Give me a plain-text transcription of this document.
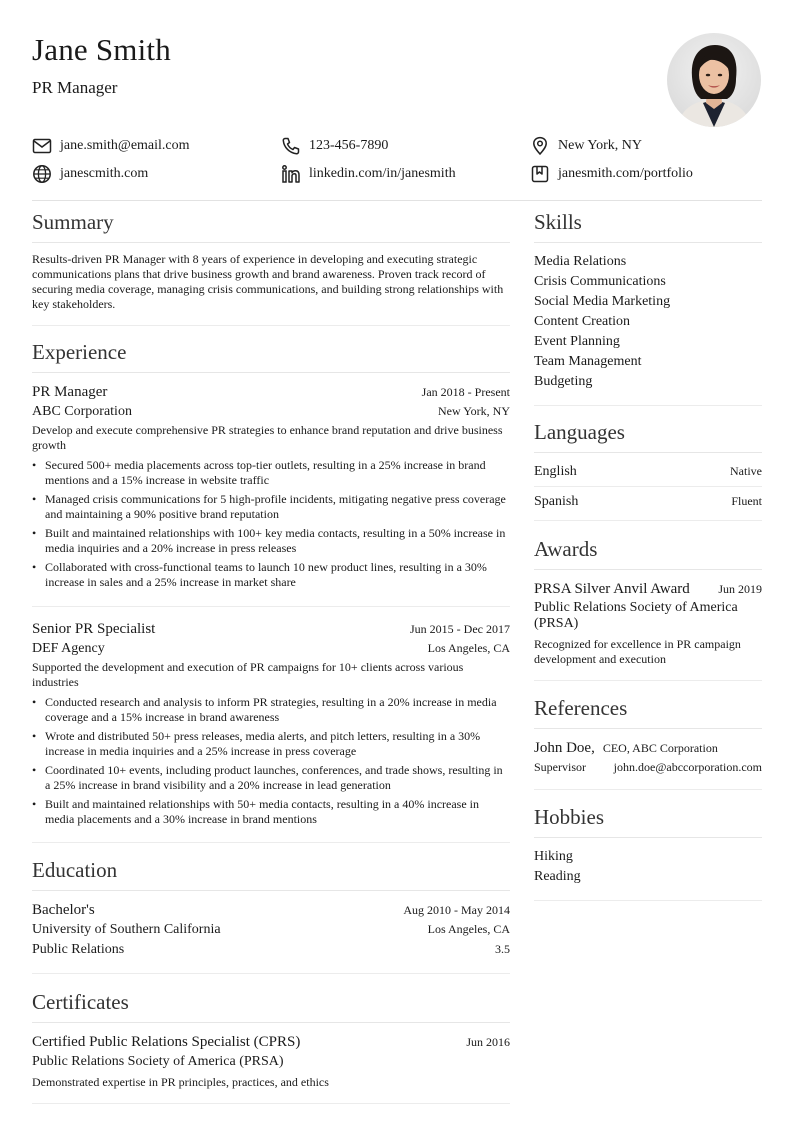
Jane Smith
PR Manager
jane.smith@email.com	123-456-7890	New York, NY
janescmith.com	linkedin.com/in/janesmith	janesmith.com/portfolio
Summary

Results-driven PR Manager with 8 years of experience in developing and executing strategic communications plans that drive business growth and brand awareness. Proven track record of securing media coverage, managing crisis communications, and building strong relationships with key stakeholders.

Experience
PR Manager	Jan 2018 - Present
ABC Corporation	New York, NY

Develop and execute comprehensive PR strategies to enhance brand reputation and drive business growth

• Secured 500+ media placements across top-tier outlets, resulting in a 25% increase in brand mentions and a 15% increase in website traffic
• Managed crisis communications for 5 high-profile incidents, mitigating negative press coverage and maintaining a 90% positive brand reputation
• Built and maintained relationships with 100+ key media contacts, resulting in a 50% increase in media inquiries and a 20% increase in press releases
• Collaborated with cross-functional teams to launch 10 new product lines, resulting in a 30% increase in sales and a 25% increase in market share
Senior PR Specialist	Jun 2015 - Dec 2017
DEF Agency	Los Angeles, CA

Supported the development and execution of PR campaigns for 10+ clients across various industries

• Conducted research and analysis to inform PR strategies, resulting in a 20% increase in media coverage and a 15% increase in brand awareness
• Wrote and distributed 50+ press releases, media alerts, and pitch letters, resulting in a 30% increase in media inquiries and a 25% increase in press coverage
• Coordinated 10+ events, including product launches, conferences, and trade shows, resulting in a 25% increase in brand visibility and a 20% increase in lead generation
• Built and maintained relationships with 50+ media contacts, resulting in a 40% increase in media placements and a 30% increase in brand mentions
Education
Bachelor's	Aug 2010 - May 2014
University of Southern California	Los Angeles, CA
Public Relations	3.5
Certificates
Certified Public Relations Specialist (CPRS)	Jun 2016
Public Relations Society of America (PRSA)

Demonstrated expertise in PR principles, practices, and ethics

Skills
Media Relations
Crisis Communications
Social Media Marketing
Content Creation
Event Planning
Team Management
Budgeting
Languages
English	Native
Spanish	Fluent
Awards
PRSA Silver Anvil Award Jun 2019
Public Relations Society of America (PRSA)

Recognized for excellence in PR campaign development and execution

References
John Doe, CEO, ABC Corporation
Supervisor john.doe@abccorporation.com
Hobbies
Hiking
Reading
